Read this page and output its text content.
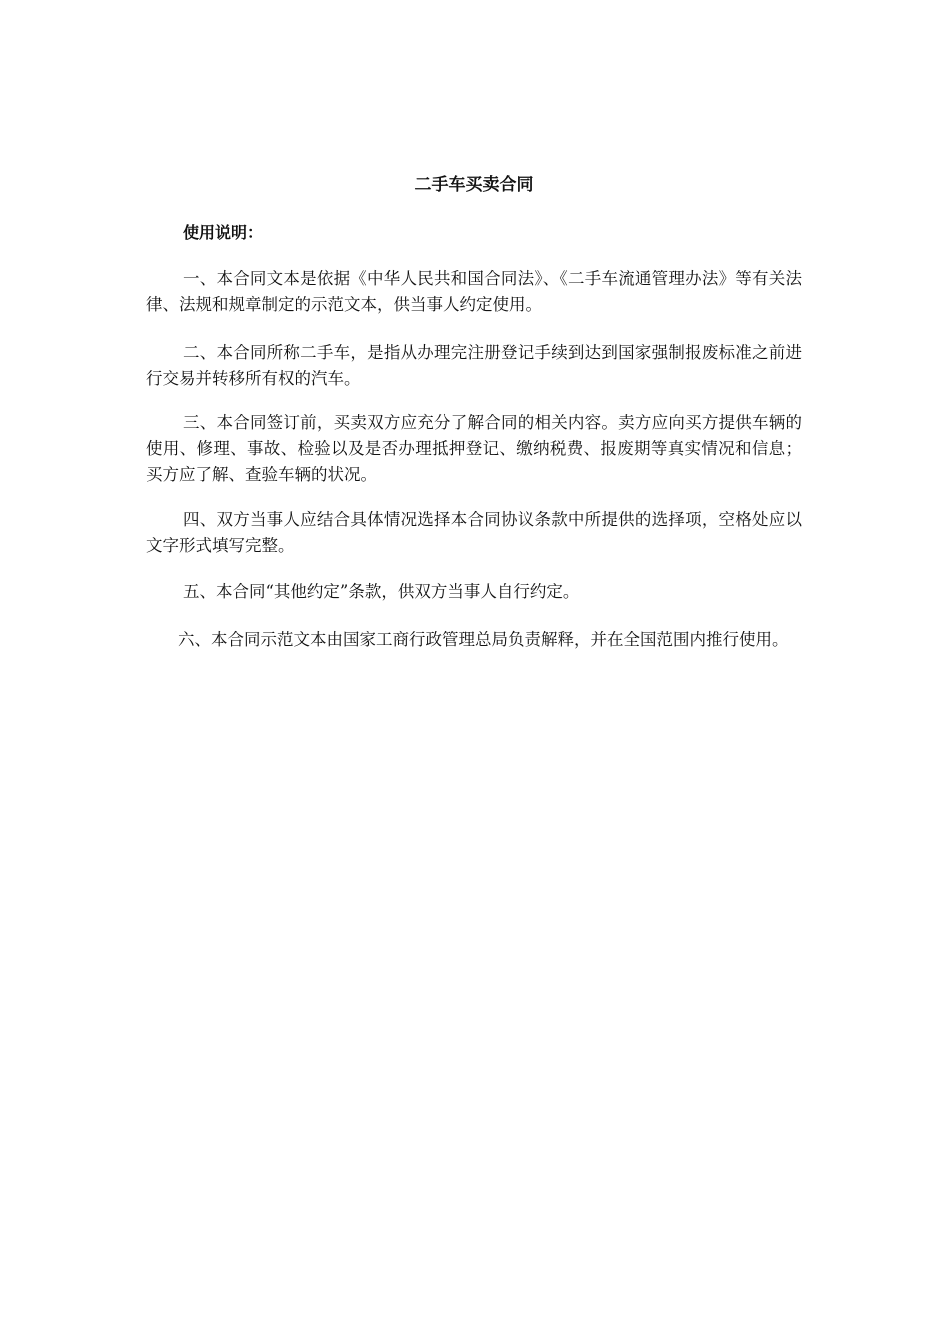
二手车买卖合同
使用说明：

一、本合同文本是依据《中华人民共和国合同法》、《二手车流通管理办法》等有关法律、法规和规章制定的示范文本，供当事人约定使用。

二、本合同所称二手车，是指从办理完注册登记手续到达到国家强制报废标准之前进行交易并转移所有权的汽车。

三、本合同签订前，买卖双方应充分了解合同的相关内容。卖方应向买方提供车辆的使用、修理、事故、检验以及是否办理抵押登记、缴纳税费、报废期等真实情况和信息；买方应了解、查验车辆的状况。

四、双方当事人应结合具体情况选择本合同协议条款中所提供的选择项，空格处应以文字形式填写完整。

五、本合同“其他约定”条款，供双方当事人自行约定。

六、本合同示范文本由国家工商行政管理总局负责解释，并在全国范围内推行使用。
